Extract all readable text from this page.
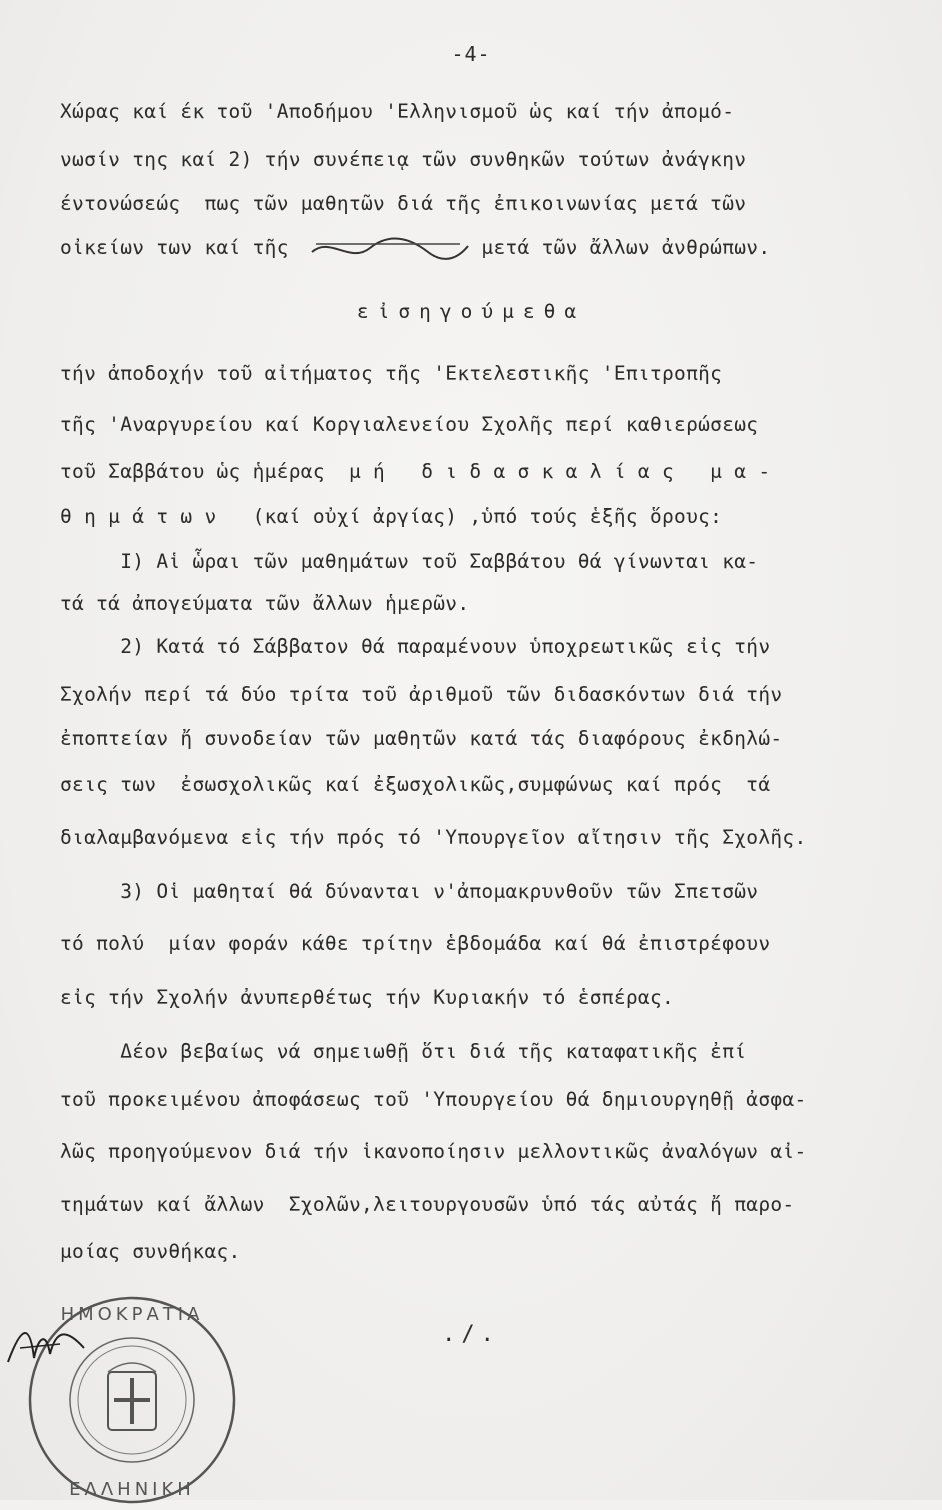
-4-
Χώρας καί έκ τοῦ 'Αποδήμου 'Ελληνισμοῦ ὡς καί τήν ἀπομό-
νωσίν της καί 2) τήν συνέπειᾳ τῶν συνθηκῶν τούτων ἀνάγκην
έντονώσεώς  πως τῶν μαθητῶν διά τῆς ἐπικοινωνίας μετά τῶν
οἰκείων των καί τῆς                μετά τῶν ἄλλων ἀνθρώπων.
εἰσηγούμεθα
τήν ἀποδοχήν τοῦ αἰτήματος τῆς 'Εκτελεστικῆς 'Επιτροπῆς
τῆς 'Αναργυρείου καί Κοργιαλενείου Σχολῆς περί καθιερώσεως
τοῦ Σαββάτου ὡς ἡμέρας  μ ή   δ ι δ α σ κ α λ ί α ς   μ α -
θ η μ ά τ ω ν   (καί οὐχί ἀργίας) ,ὑπό τούς ἑξῆς ὅρους:
I) Αἱ ὧραι τῶν μαθημάτων τοῦ Σαββάτου θά γίνωνται κα-
τά τά ἀπογεύματα τῶν ἄλλων ἡμερῶν.
2) Κατά τό Σάββατον θά παραμένουν ὑποχρεωτικῶς εἰς τήν
Σχολήν περί τά δύο τρίτα τοῦ ἀριθμοῦ τῶν διδασκόντων διά τήν
ἐποπτείαν ἤ συνοδείαν τῶν μαθητῶν κατά τάς διαφόρους ἐκδηλώ-
σεις των  ἐσωσχολικῶς καί ἐξωσχολικῶς,συμφώνως καί πρός  τά
διαλαμβανόμενα εἰς τήν πρός τό 'Υπουργεῖον αἴτησιν τῆς Σχολῆς.
3) Οἱ μαθηταί θά δύνανται ν'ἀπομακρυνθοῦν τῶν Σπετσῶν
τό πολύ  μίαν φοράν κάθε τρίτην ἑβδομάδα καί θά ἐπιστρέφουν
εἰς τήν Σχολήν ἀνυπερθέτως τήν Κυριακήν τό ἑσπέρας.
Δέον βεβαίως νά σημειωθῇ ὅτι διά τῆς καταφατικῆς ἐπί
τοῦ προκειμένου ἀποφάσεως τοῦ 'Υπουργείου θά δημιουργηθῇ ἀσφα-
λῶς προηγούμενον διά τήν ἱκανοποίησιν μελλοντικῶς ἀναλόγων αἰ-
τημάτων καί ἄλλων  Σχολῶν,λειτουργουσῶν ὑπό τάς αὐτάς ἤ παρο-
μοίας συνθήκας.
./.
ΗΜΟΚΡΑΤΙΑ
ΕΛΛΗΝΙΚΗ
